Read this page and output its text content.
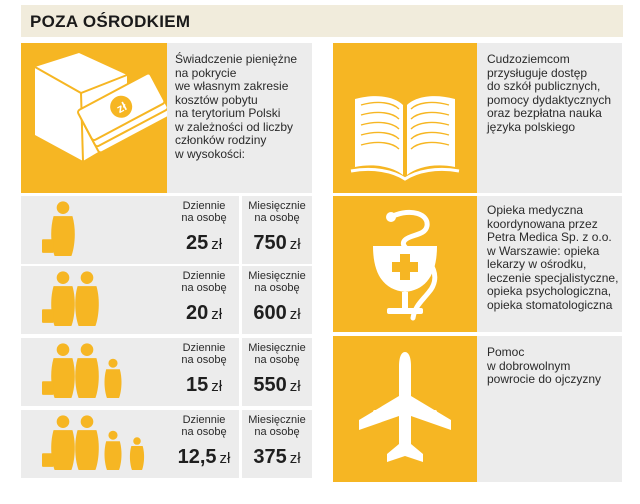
POZA OŚRODKIEM
zł
Świadczenie pieniężne
na pokrycie
we własnym zakresie
kosztów pobytu
na terytorium Polski
w zależności od liczby
członków rodziny
w wysokości:
Dziennie
na osobę
25 zł
Miesięcznie
na osobę
750 zł
Dziennie
na osobę
20 zł
Miesięcznie
na osobę
600 zł
Dziennie
na osobę
15 zł
Miesięcznie
na osobę
550 zł
Dziennie
na osobę
12,5 zł
Miesięcznie
na osobę
375 zł
Cudzoziemcom
przysługuje dostęp
do szkół publicznych,
pomocy dydaktycznych
oraz bezpłatna nauka
języka polskiego
Opieka medyczna
koordynowana przez
Petra Medica Sp. z o.o.
w Warszawie: opieka
lekarzy w ośrodku,
leczenie specjalistyczne,
opieka psychologiczna,
opieka stomatologiczna
Pomoc
w dobrowolnym
powrocie do ojczyzny
